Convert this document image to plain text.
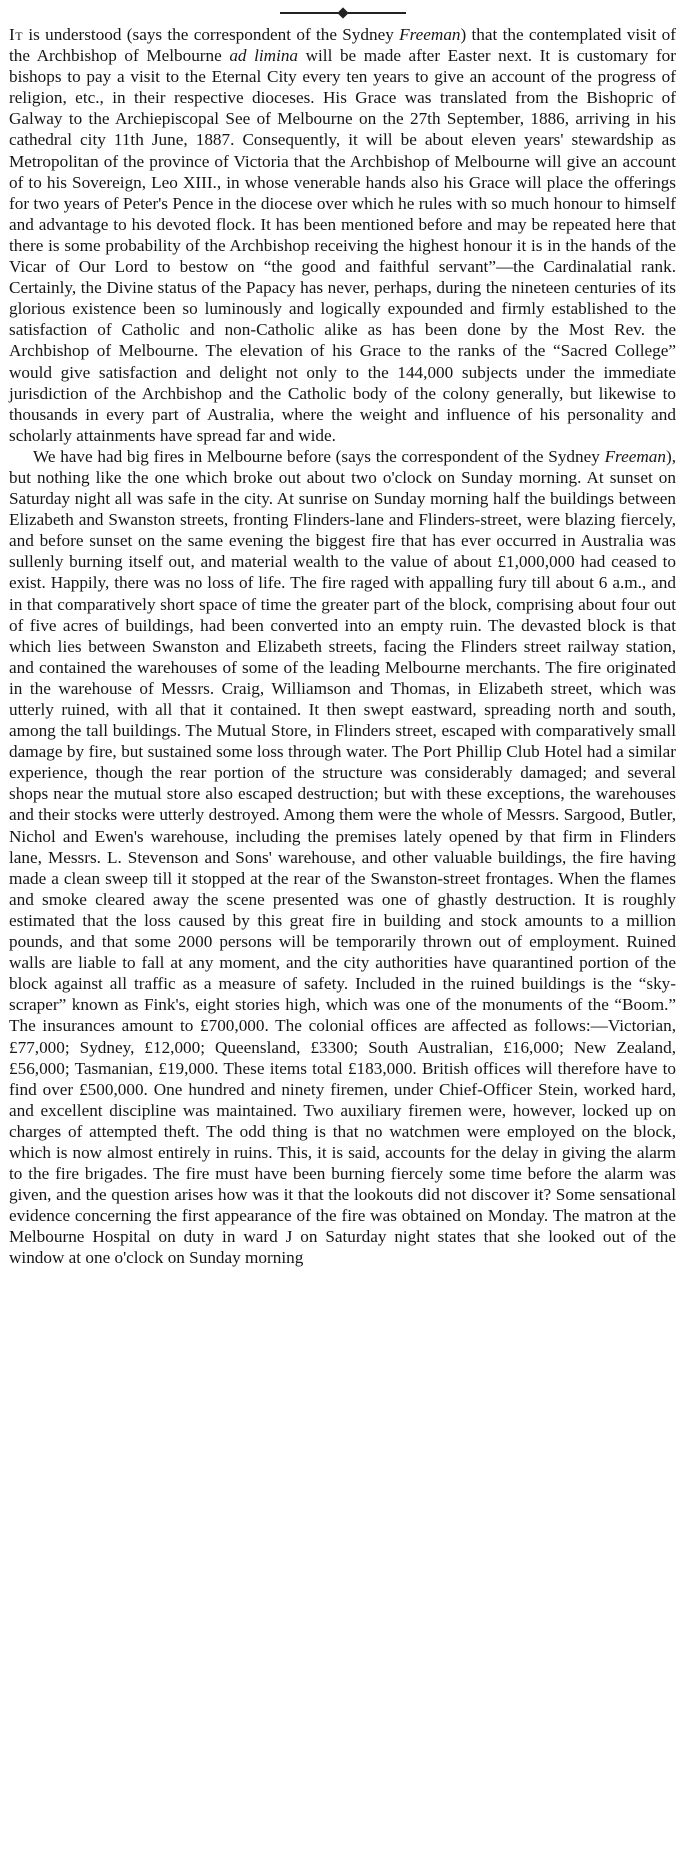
It is understood (says the correspondent of the Sydney Freeman) that the contemplated visit of the Archbishop of Melbourne ad limina will be made after Easter next. It is customary for bishops to pay a visit to the Eternal City every ten years to give an account of the progress of religion, etc., in their respective dioceses. His Grace was translated from the Bishopric of Galway to the Archiepiscopal See of Melbourne on the 27th September, 1886, arriving in his cathedral city 11th June, 1887. Consequently, it will be about eleven years' stewardship as Metropolitan of the province of Victoria that the Archbishop of Melbourne will give an account of to his Sovereign, Leo XIII., in whose venerable hands also his Grace will place the offerings for two years of Peter's Pence in the diocese over which he rules with so much honour to himself and advantage to his devoted flock. It has been mentioned before and may be repeated here that there is some probability of the Archbishop receiving the highest honour it is in the hands of the Vicar of Our Lord to bestow on “the good and faithful servant”—the Cardinalatial rank. Certainly, the Divine status of the Papacy has never, perhaps, during the nineteen centuries of its glorious existence been so luminously and logically expounded and firmly established to the satisfaction of Catholic and non-Catholic alike as has been done by the Most Rev. the Archbishop of Melbourne. The elevation of his Grace to the ranks of the “Sacred College” would give satisfaction and delight not only to the 144,000 subjects under the immediate jurisdiction of the Archbishop and the Catholic body of the colony generally, but likewise to thousands in every part of Australia, where the weight and influence of his personality and scholarly attainments have spread far and wide.

We have had big fires in Melbourne before (says the correspondent of the Sydney Freeman), but nothing like the one which broke out about two o'clock on Sunday morning. At sunset on Saturday night all was safe in the city. At sunrise on Sunday morning half the buildings between Elizabeth and Swanston streets, fronting Flinders-lane and Flinders-street, were blazing fiercely, and before sunset on the same evening the biggest fire that has ever occurred in Australia was sullenly burning itself out, and material wealth to the value of about £1,000,000 had ceased to exist. Happily, there was no loss of life. The fire raged with appalling fury till about 6 a.m., and in that comparatively short space of time the greater part of the block, comprising about four out of five acres of buildings, had been converted into an empty ruin. The devasted block is that which lies between Swanston and Elizabeth streets, facing the Flinders street railway station, and contained the warehouses of some of the leading Melbourne merchants. The fire originated in the warehouse of Messrs. Craig, Williamson and Thomas, in Elizabeth street, which was utterly ruined, with all that it contained. It then swept eastward, spreading north and south, among the tall buildings. The Mutual Store, in Flinders street, escaped with comparatively small damage by fire, but sustained some loss through water. The Port Phillip Club Hotel had a similar experience, though the rear portion of the structure was considerably damaged; and several shops near the mutual store also escaped destruction; but with these exceptions, the warehouses and their stocks were utterly destroyed. Among them were the whole of Messrs. Sargood, Butler, Nichol and Ewen's warehouse, including the premises lately opened by that firm in Flinders lane, Messrs. L. Stevenson and Sons' warehouse, and other valuable buildings, the fire having made a clean sweep till it stopped at the rear of the Swanston-street frontages. When the flames and smoke cleared away the scene presented was one of ghastly destruction. It is roughly estimated that the loss caused by this great fire in building and stock amounts to a million pounds, and that some 2000 persons will be temporarily thrown out of employment. Ruined walls are liable to fall at any moment, and the city authorities have quarantined portion of the block against all traffic as a measure of safety. Included in the ruined buildings is the “sky-scraper” known as Fink's, eight stories high, which was one of the monuments of the “Boom.” The insurances amount to £700,000. The colonial offices are affected as follows:—Victorian, £77,000; Sydney, £12,000; Queensland, £3300; South Australian, £16,000; New Zealand, £56,000; Tasmanian, £19,000. These items total £183,000. British offices will therefore have to find over £500,000. One hundred and ninety firemen, under Chief-Officer Stein, worked hard, and excellent discipline was maintained. Two auxiliary firemen were, however, locked up on charges of attempted theft. The odd thing is that no watchmen were employed on the block, which is now almost entirely in ruins. This, it is said, accounts for the delay in giving the alarm to the fire brigades. The fire must have been burning fiercely some time before the alarm was given, and the question arises how was it that the lookouts did not discover it? Some sensational evidence concerning the first appearance of the fire was obtained on Monday. The matron at the Melbourne Hospital on duty in ward J on Saturday night states that she looked out of the window at one o'clock on Sunday morning
